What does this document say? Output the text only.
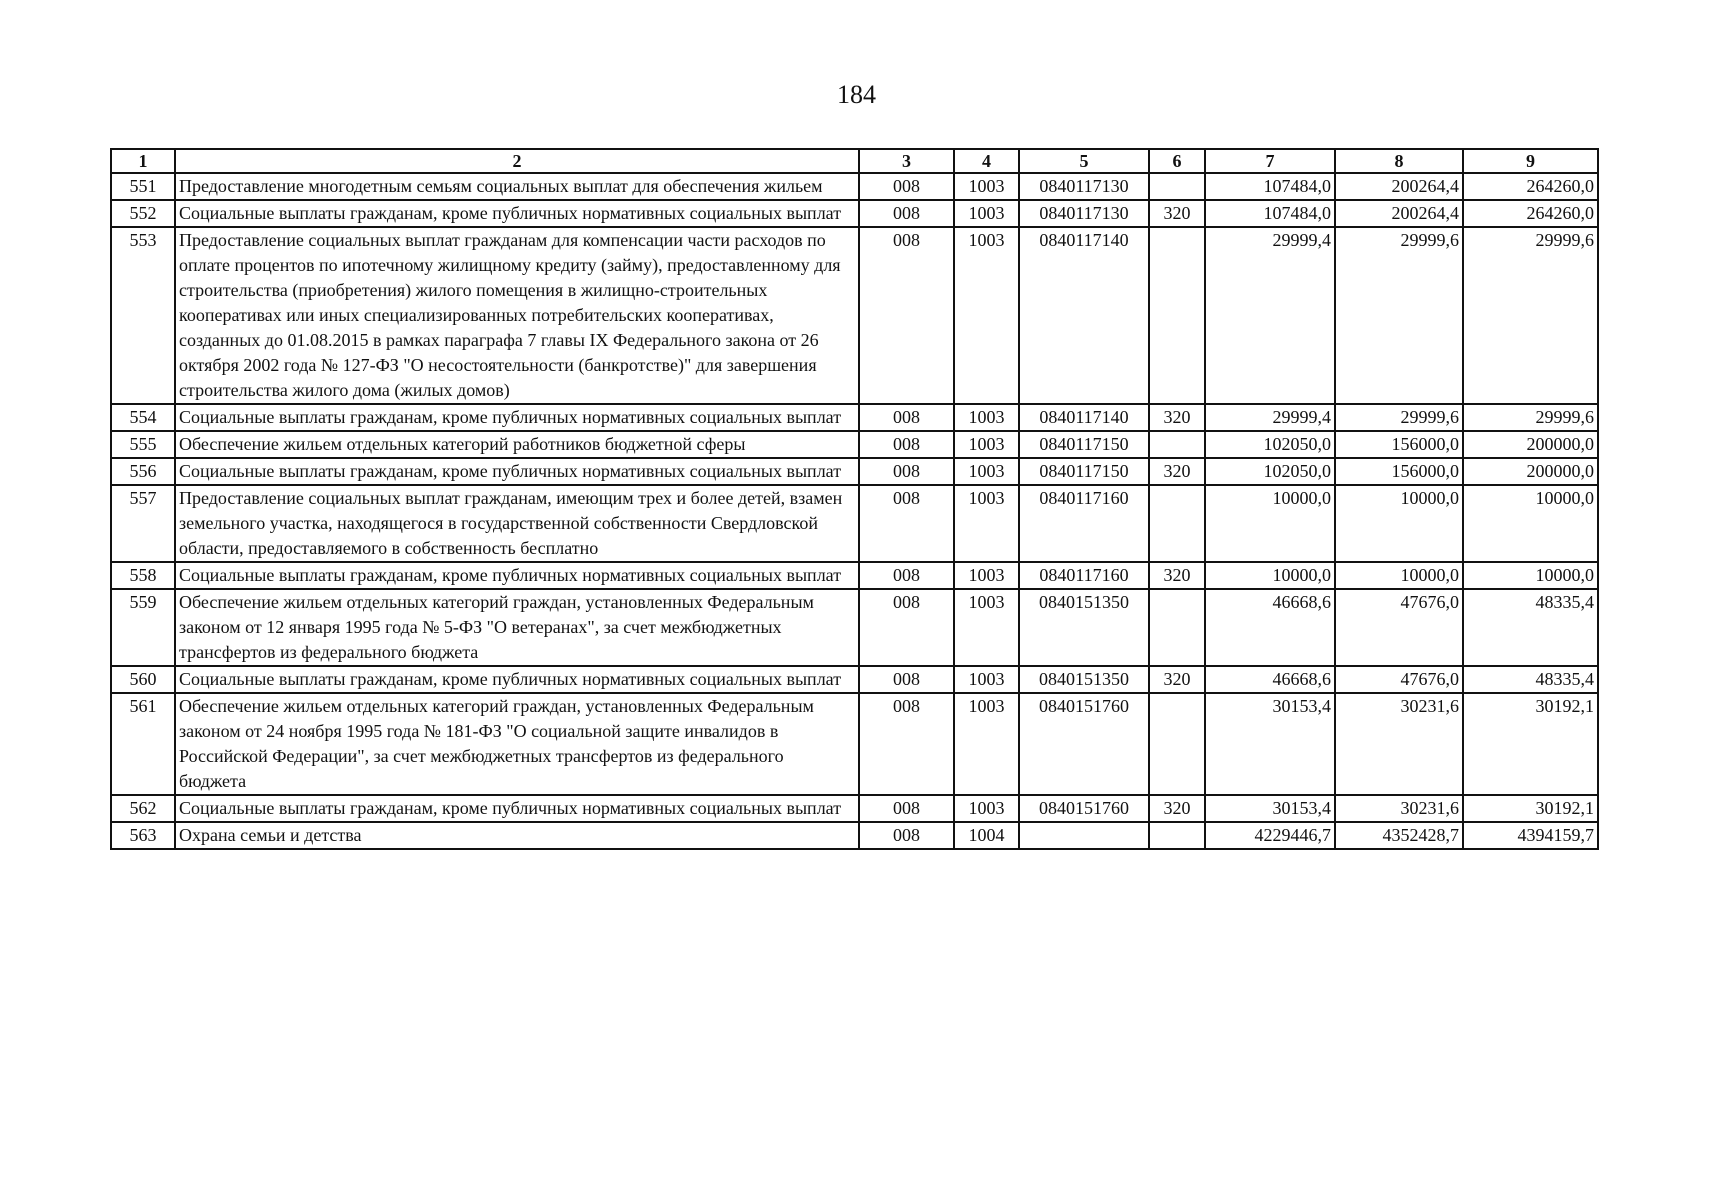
184
1	2	3	4	5	6	7	8	9
551	Предоставление многодетным семьям социальных выплат для обеспечения жильем	008	1003	0840117130		107484,0	200264,4	264260,0
552	Социальные выплаты гражданам, кроме публичных нормативных социальных выплат	008	1003	0840117130	320	107484,0	200264,4	264260,0
553	Предоставление социальных выплат гражданам для компенсации части расходов по оплате процентов по ипотечному жилищному кредиту (займу), предоставленному для строительства (приобретения) жилого помещения в жилищно-строительных кооперативах или иных специализированных потребительских кооперативах, созданных до 01.08.2015 в рамках параграфа 7 главы IX Федерального закона от 26 октября 2002 года № 127-ФЗ "О несостоятельности (банкротстве)" для завершения строительства жилого дома (жилых домов)	008	1003	0840117140		29999,4	29999,6	29999,6
554	Социальные выплаты гражданам, кроме публичных нормативных социальных выплат	008	1003	0840117140	320	29999,4	29999,6	29999,6
555	Обеспечение жильем отдельных категорий работников бюджетной сферы	008	1003	0840117150		102050,0	156000,0	200000,0
556	Социальные выплаты гражданам, кроме публичных нормативных социальных выплат	008	1003	0840117150	320	102050,0	156000,0	200000,0
557	Предоставление социальных выплат гражданам, имеющим трех и более детей, взамен земельного участка, находящегося в государственной собственности Свердловской области, предоставляемого в собственность бесплатно	008	1003	0840117160		10000,0	10000,0	10000,0
558	Социальные выплаты гражданам, кроме публичных нормативных социальных выплат	008	1003	0840117160	320	10000,0	10000,0	10000,0
559	Обеспечение жильем отдельных категорий граждан, установленных Федеральным законом от 12 января 1995 года № 5-ФЗ "О ветеранах", за счет межбюджетных трансфертов из федерального бюджета	008	1003	0840151350		46668,6	47676,0	48335,4
560	Социальные выплаты гражданам, кроме публичных нормативных социальных выплат	008	1003	0840151350	320	46668,6	47676,0	48335,4
561	Обеспечение жильем отдельных категорий граждан, установленных Федеральным законом от 24 ноября 1995 года № 181-ФЗ "О социальной защите инвалидов в Российской Федерации", за счет межбюджетных трансфертов из федерального бюджета	008	1003	0840151760		30153,4	30231,6	30192,1
562	Социальные выплаты гражданам, кроме публичных нормативных социальных выплат	008	1003	0840151760	320	30153,4	30231,6	30192,1
563	Охрана семьи и детства	008	1004			4229446,7	4352428,7	4394159,7
